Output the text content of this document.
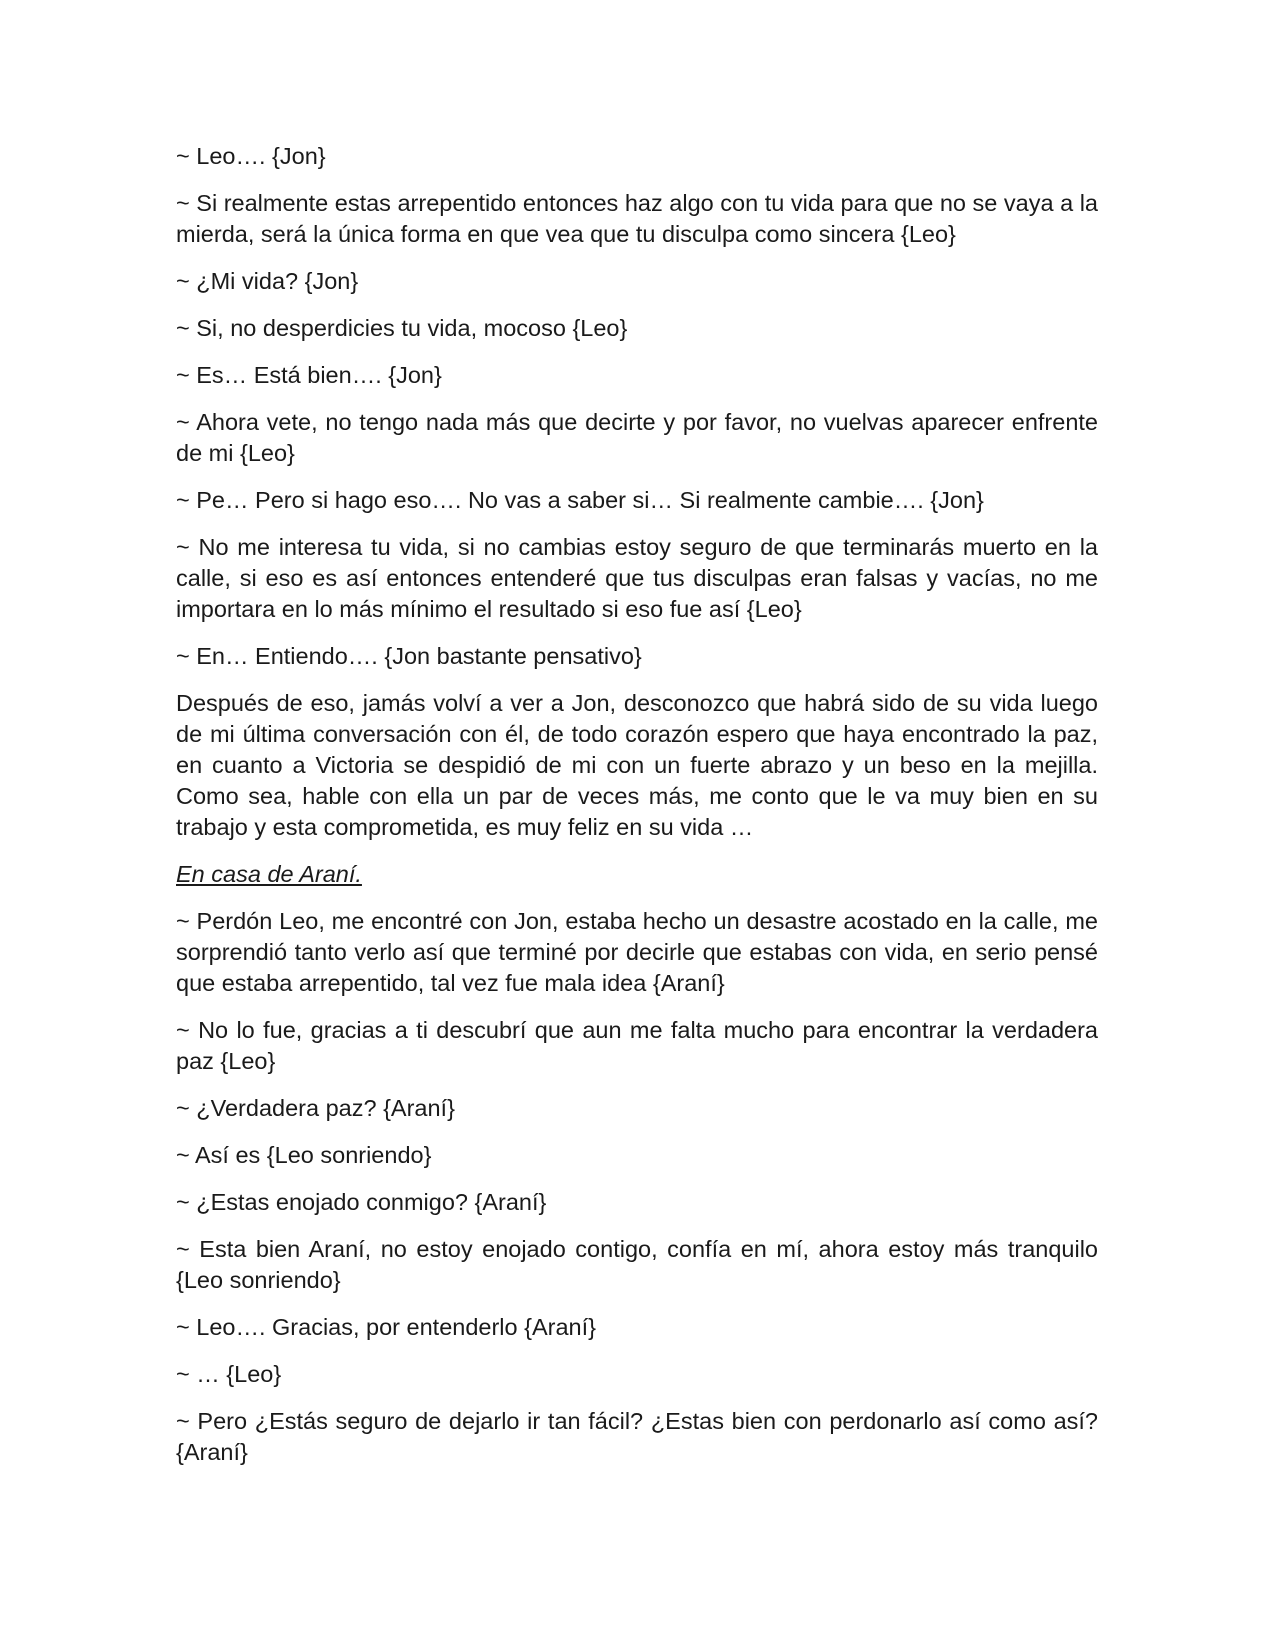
~ Leo…. {Jon}

~ Si realmente estas arrepentido entonces haz algo con tu vida para que no se vaya a la mierda, será la única forma en que vea que tu disculpa como sincera {Leo}

~ ¿Mi vida? {Jon}

~ Si, no desperdicies tu vida, mocoso {Leo}

~ Es… Está bien…. {Jon}

~ Ahora vete, no tengo nada más que decirte y por favor, no vuelvas aparecer enfrente de mi {Leo}

~ Pe… Pero si hago eso…. No vas a saber si… Si realmente cambie…. {Jon}

~ No me interesa tu vida, si no cambias estoy seguro de que terminarás muerto en la calle, si eso es así entonces entenderé que tus disculpas eran falsas y vacías, no me importara en lo más mínimo el resultado si eso fue así {Leo}

~ En… Entiendo…. {Jon bastante pensativo}

Después de eso, jamás volví a ver a Jon, desconozco que habrá sido de su vida luego de mi última conversación con él, de todo corazón espero que haya encontrado la paz, en cuanto a Victoria se despidió de mi con un fuerte abrazo y un beso en la mejilla. Como sea, hable con ella un par de veces más, me conto que le va muy bien en su trabajo y esta comprometida, es muy feliz en su vida …

En casa de Araní.

~ Perdón Leo, me encontré con Jon, estaba hecho un desastre acostado en la calle, me sorprendió tanto verlo así que terminé por decirle que estabas con vida, en serio pensé que estaba arrepentido, tal vez fue mala idea {Araní}

~ No lo fue, gracias a ti descubrí que aun me falta mucho para encontrar la verdadera paz {Leo}

~ ¿Verdadera paz? {Araní}

~ Así es {Leo sonriendo}

~ ¿Estas enojado conmigo? {Araní}

~ Esta bien Araní, no estoy enojado contigo, confía en mí, ahora estoy más tranquilo {Leo sonriendo}

~ Leo…. Gracias, por entenderlo {Araní}

~ … {Leo}

~ Pero ¿Estás seguro de dejarlo ir tan fácil? ¿Estas bien con perdonarlo así como así? {Araní}
